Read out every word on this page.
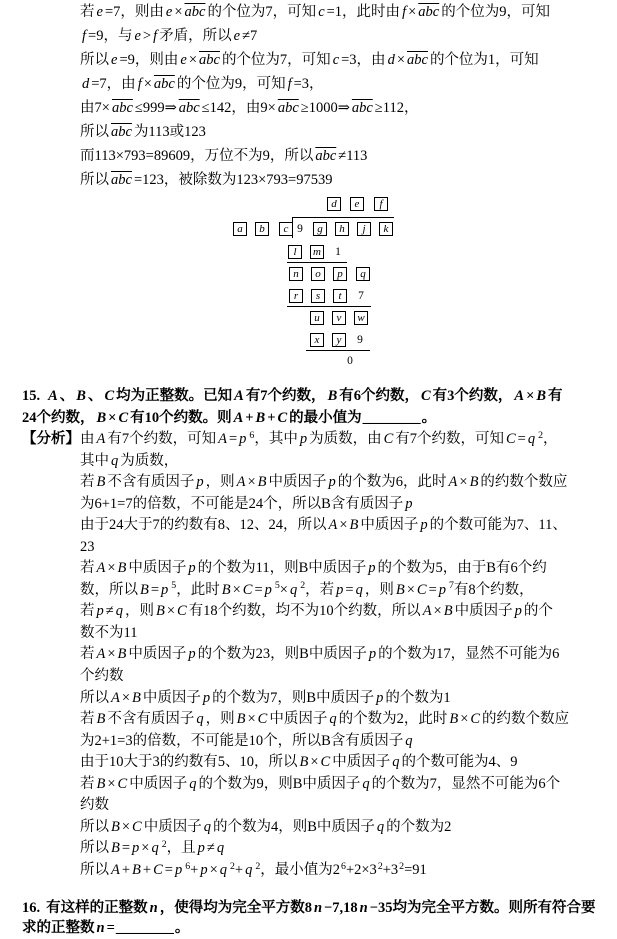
若 e =7，则由 $e \times \overline{abc}$ 的个位为7，可知 c =1，此时由 $f \times \overline{abc}$ 的个位为9，可知
f =9，与 e > f 矛盾，所以 e ≠7
所以 e =9，则由 $e \times \overline{abc}$ 的个位为7，可知 c =3，由 $d \times \overline{abc}$ 的个位为1，可知
d =7，由 $f \times \overline{abc}$ 的个位为9，可知 f =3，
由$7\times \overline{abc}$ ≤999⇒ $\overline{abc} \le 142$，由$9\times \overline{abc}$ ≥1000⇒ $\overline{abc} \ge 112$，
所以 $\overline{abc}$ 为113或123
而113×793=89609，万位不为9，所以 $\overline{abc} \ne 113$
所以 $\overline{abc} =123$，被除数为123×793=97539
d	e	f
a	b	c 9	g	h	j	k
l	m	1
n	o	p	q
r	s	t	7
u	v	w
x	y	9
0
15. A 、 B 、 C 均为正整数。已知 A 有7个约数， B 有6个约数， C 有3个约数， A × B 有
24个约数， B × C 有10个约数。则 A + B + C 的最小值为________。
【分析】 由 A 有7个约数，可知 A = p $^6$，其中 p 为质数，由 C 有7个约数，可知 C = q $^2$，
其中 q 为质数，
若 B 不含有质因子 p ，则 A × B 中质因子 p 的个数为6，此时 A × B 的约数个数应
为6+1=7的倍数，不可能是24个，所以B含有质因子 p
由于24大于7的约数有8、12、24，所以 A × B 中质因子 p 的个数可能为7、11、
23
若 A × B 中质因子 p 的个数为11，则B中质因子 p 的个数为5，由于B有6个约
数，所以 B = p $^5$，此时 B × C = p $^5$× q $^2$，若 p = q ，则 B × C = p $^7$有8个约数，
若 p ≠ q ，则 B × C 有18个约数，均不为10个约数，所以 A × B 中质因子 p 的个
数不为11
若 A × B 中质因子 p 的个数为23，则B中质因子 p 的个数为17，显然不可能为6
个约数
所以 A × B 中质因子 p 的个数为7，则B中质因子 p 的个数为1
若 B 不含有质因子 q ，则 B × C 中质因子 q 的个数为2，此时 B × C 的约数个数应
为2+1=3的倍数，不可能是10个，所以B含有质因子 q
由于10大于3的约数有5、10，所以 B × C 中质因子 q 的个数可能为4、9
若 B × C 中质因子 q 的个数为9，则B中质因子 q 的个数为7，显然不可能为6个
约数
所以 B × C 中质因子 q 的个数为4，则B中质因子 q 的个数为2
所以 B = p × q $^2$，且 p ≠ q
所以 A + B + C = p $^6$+ p × q $^2$+ q $^2$，最小值为$2^6+2\times 3^2+3^2=91$
16. 有这样的正整数 n ，使得均为完全平方数8 n −7,18 n −35均为完全平方数。则所有符合要
求的正整数 n =________。
